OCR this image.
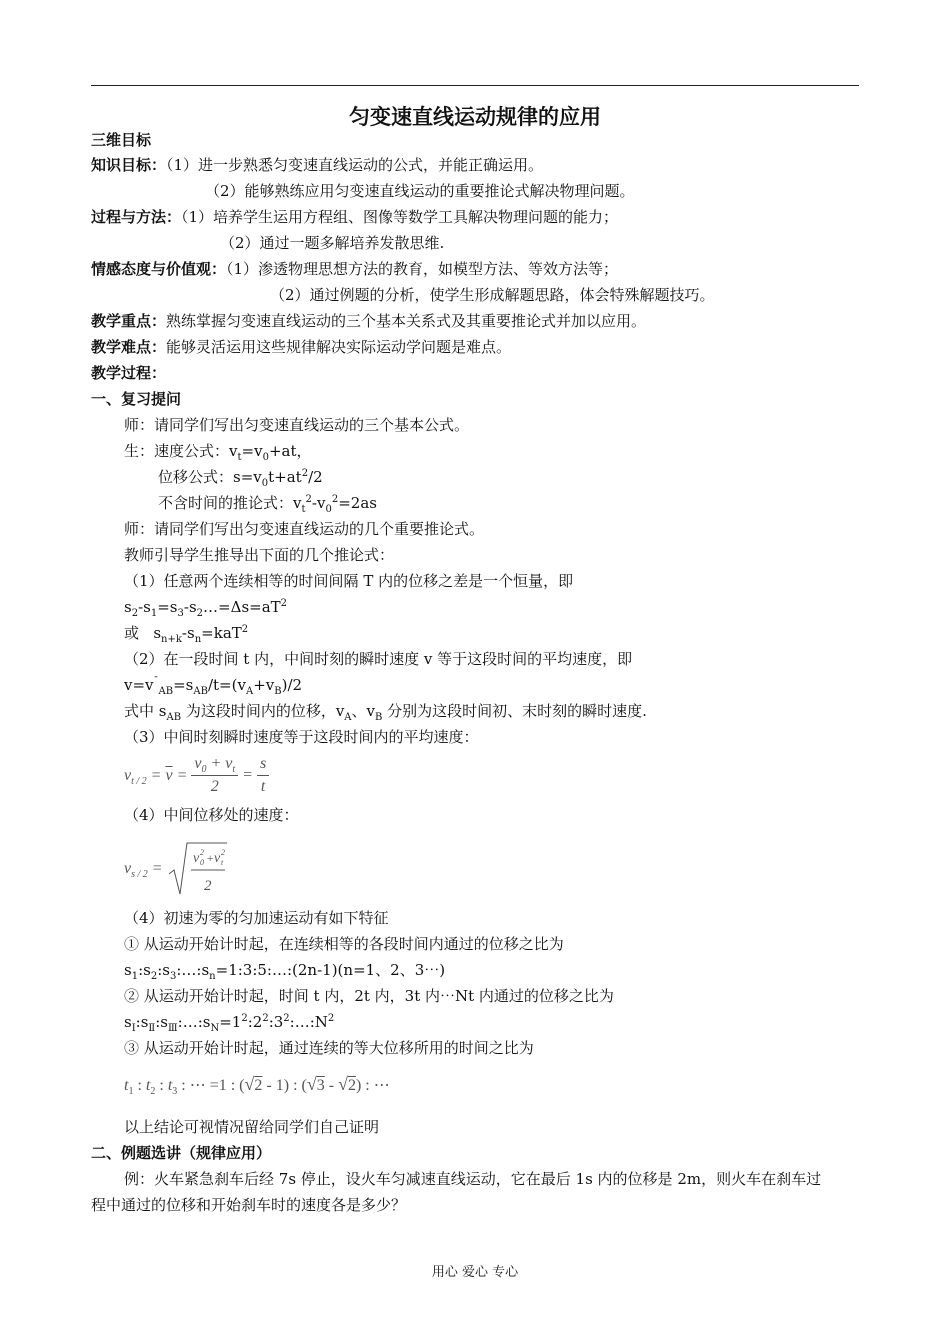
匀变速直线运动规律的应用
三维目标
知识目标：（1）进一步熟悉匀变速直线运动的公式，并能正确运用。
（2）能够熟练应用匀变速直线运动的重要推论式解决物理问题。
过程与方法：（1）培养学生运用方程组、图像等数学工具解决物理问题的能力；
（2）通过一题多解培养发散思维.
情感态度与价值观：（1）渗透物理思想方法的教育，如模型方法、等效方法等；
（2）通过例题的分析，使学生形成解题思路，体会特殊解题技巧。
教学重点：熟练掌握匀变速直线运动的三个基本关系式及其重要推论式并加以应用。
教学难点：能够灵活运用这些规律解决实际运动学问题是难点。
教学过程：
一、复习提问
师：请同学们写出匀变速直线运动的三个基本公式。
生：速度公式：$v_t=v_0+at$，
位移公式：$s=v_0t+at^2/2$
不含时间的推论式：$v_t^2-v_0^2=2as$
师：请同学们写出匀变速直线运动的几个重要推论式。
教师引导学生推导出下面的几个推论式：
（1）任意两个连续相等的时间间隔 T 内的位移之差是一个恒量，即
$s_2-s_1=s_3-s_2\dots=\Delta s=aT^2$
或 $s_{n+k}-s_n=kaT^2$
（2）在一段时间 t 内，中间时刻的瞬时速度 v 等于这段时间的平均速度，即
$v=v^¯_{AB}=s_{AB}/t=(v_A+v_B)/2$
式中 $s_{AB}$ 为这段时间内的位移，$v_A$、$v_B$ 分别为这段时间初、末时刻的瞬时速度.
（3）中间时刻瞬时速度等于这段时间内的平均速度：
$v_{t / 2} = \overline{v} = \frac{v_0 + v_t}{2} = \frac{s}{t}$
（4）中间位移处的速度：
$v_{s / 2}$ =
v 0
2 + v t
2
2
（4）初速为零的匀加速运动有如下特征
① 从运动开始计时起，在连续相等的各段时间内通过的位移之比为
$s_1:s_2:s_3:\dots:s_n=1:3:5:\dots:(2n-1)(n=1$、2、3⋯)
② 从运动开始计时起，时间 t 内，2t 内，3t 内⋯Nt 内通过的位移之比为
$s_Ⅰ:s_Ⅱ:s_Ⅲ:\dots:s_N=1^2:2^2:3^2:\dots:N^2$
③ 从运动开始计时起，通过连续的等大位移所用的时间之比为
$t_1$ : $t_2$ : $t_3$ : ⋯ =1 : (√2 - 1) : (√3 - √2) : ⋯
以上结论可视情况留给同学们自己证明
二、例题选讲（规律应用）
例：火车紧急刹车后经 7s 停止，设火车匀减速直线运动，它在最后 1s 内的位移是 2m，则火车在刹车过
程中通过的位移和开始刹车时的速度各是多少？
用心 爱心 专心
